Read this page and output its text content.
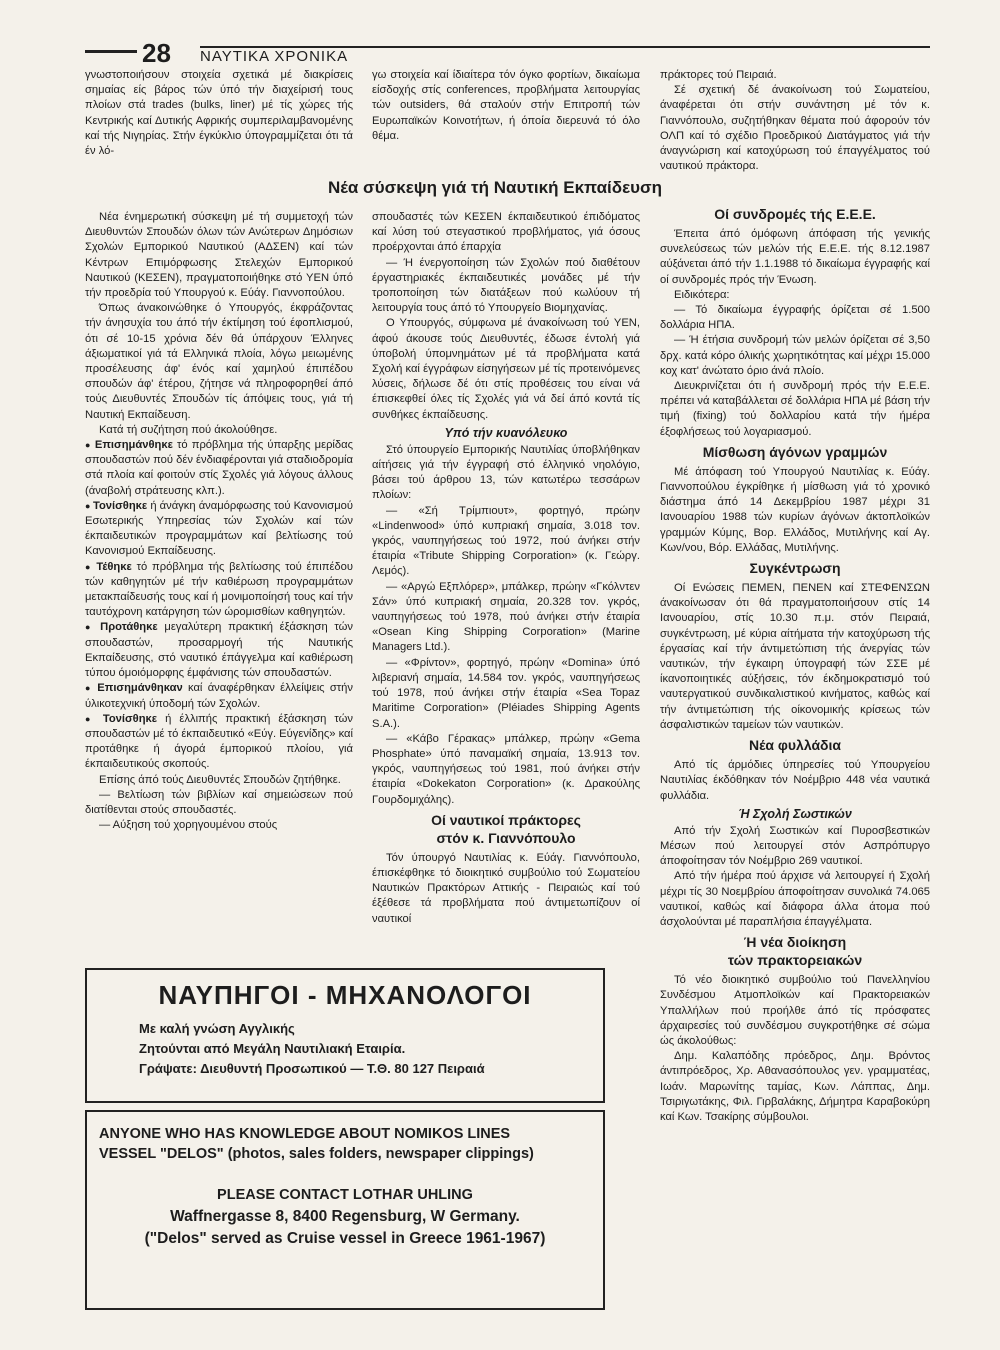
28 ΝΑΥΤΙΚΑ ΧΡΟΝΙΚΑ

γνωστοποιήσουν στοιχεία σχετικά μέ διακρίσεις σημαίας είς βάρος τών ύπό τήν διαχείρισή τους πλοίων στά trades (bulks, liner) μέ τίς χώρες τής Κεντρικής καί Δυτικής Αφρικής συμπεριλαμβανομένης καί τής Νιγηρίας. Στήν έγκύκλιο ύπογραμμίζεται ότι τά έν λό-

γω στοιχεία καί ίδιαίτερα τόν όγκο φορτίων, δικαίωμα είσδοχής στίς conferences, προβλήματα λειτουργίας τών outsiders, θά σταλούν στήν Επιτροπή τών Ευρωπαϊκών Κοινοτήτων, ή όποία διερευνά τό όλο θέμα.

Νέα σύσκεψη γιά τή Ναυτική Εκπαίδευση

Νέα ένημερωτική σύσκεψη μέ τή συμμετοχή τών Διευθυντών Σπουδών όλων τών Ανώτερων Δημόσιων Σχολών Εμπορικού Ναυτικού (ΑΔΣΕΝ) καί τών Κέντρων Επιμόρφωσης Στελεχών Εμπορικού Ναυτικού (ΚΕΣΕΝ), πραγματοποιήθηκε στό ΥΕΝ ύπό τήν προεδρία τού Υπουργού κ. Εύάγ. Γιαννοπούλου.

Όπως άνακοινώθηκε ό Υπουργός, έκφράζοντας τήν άνησυχία του άπό τήν έκτίμηση τού έφοπλισμού, ότι σέ 10-15 χρόνια δέν θά ύπάρχουν Έλληνες άξιωματικοί γιά τά Ελληνικά πλοία, λόγω μειωμένης προσέλευσης άφ' ένός καί χαμηλού έπιπέδου σπουδών άφ' έτέρου, ζήτησε νά πληροφορηθεί άπό τούς Διευθυντές Σπουδών τίς άπόψεις τους, γιά τή Ναυτική Εκπαίδευση.

Κατά τή συζήτηση πού άκολούθησε.

● Επισημάνθηκε τό πρόβλημα τής ύπαρξης μερίδας σπουδαστών πού δέν ένδιαφέρονται γιά σταδιοδρομία στά πλοία καί φοιτούν στίς Σχολές γιά λόγους άλλους (άναβολή στράτευσης κλπ.).

● Τονίσθηκε ή άνάγκη άναμόρφωσης τού Κανονισμού Εσωτερικής Υπηρεσίας τών Σχολών καί τών έκπαιδευτικών προγραμμάτων καί βελτίωσης τού Κανονισμού Εκπαίδευσης.

● Τέθηκε τό πρόβλημα τής βελτίωσης τού έπιπέδου τών καθηγητών μέ τήν καθιέρωση προγραμμάτων μετακπαίδευσής τους καί ή μονιμοποίησή τους καί τήν ταυτόχρονη κατάργηση τών ώρομισθίων καθηγητών.

● Προτάθηκε μεγαλύτερη πρακτική έξάσκηση τών σπουδαστών, προσαρμογή τής Ναυτικής Εκπαίδευσης, στό ναυτικό έπάγγελμα καί καθιέρωση τύπου όμοιόμορφης έμφάνισης τών σπουδαστών.

● Επισημάνθηκαν καί άναφέρθηκαν έλλείψεις στήν ύλικοτεχνική ύποδομή τών Σχολών.

● Τονίσθηκε ή έλλιπής πρακτική έξάσκηση τών σπουδαστών μέ τό έκπαιδευτικό «Εύγ. Εύγενίδης» καί προτάθηκε ή άγορά έμπορικού πλοίου, γιά έκπαιδευτικούς σκοπούς.

Επίσης άπό τούς Διευθυντές Σπουδών ζητήθηκε.

— Βελτίωση τών βιβλίων καί σημειώσεων πού διατίθενται στούς σπουδαστές.

— Αύξηση τού χορηγουμένου στούς

σπουδαστές τών ΚΕΣΕΝ έκπαιδευτικού έπιδόματος καί λύση τού στεγαστικού προβλήματος, γιά όσους προέρχονται άπό έπαρχία

— Ή ένεργοποίηση τών Σχολών πού διαθέτουν έργαστηριακές έκπαιδευτικές μονάδες μέ τήν τροποποίηση τών διατάξεων πού κωλύουν τή λειτουργία τους άπό τό Υπουργείο Βιομηχανίας.

Ο Υπουργός, σύμφωνα μέ άνακοίνωση τού ΥΕΝ, άφού άκουσε τούς Διευθυντές, έδωσε έντολή γιά ύποβολή ύπομνημάτων μέ τά προβλήματα κατά Σχολή καί έγγράφων είσηγήσεων μέ τίς προτεινόμενες λύσεις, δήλωσε δέ ότι στίς προθέσεις του είναι νά έπισκεφθεί όλες τίς Σχολές γιά νά δεί άπό κοντά τίς συνθήκες έκπαίδευσης.

Υπό τήν κυανόλευκο

Στό ύπουργείο Εμπορικής Ναυτιλίας ύποβλήθηκαν αίτήσεις γιά τήν έγγραφή στό έλληνικό νηολόγιο, βάσει τού άρθρου 13, τών κατωτέρω τεσσάρων πλοίων:

— «Σή Τρίμπιουτ», φορτηγό, πρώην «Lindenwood» ύπό κυπριακή σημαία, 3.018 τον. γκρός, ναυπηγήσεως τού 1972, πού άνήκει στήν έταιρία «Tribute Shipping Corporation» (κ. Γεώργ. Λεμός).

— «Αργώ Εξπλόρερ», μπάλκερ, πρώην «Γκόλντεν Σάν» ύπό κυπριακή σημαία, 20.328 τον. γκρός, ναυπηγήσεως τού 1978, πού άνήκει στήν έταιρία «Osean King Shipping Corporation» (Marine Managers Ltd.).

— «Φρίντον», φορτηγό, πρώην «Domina» ύπό λιβεριανή σημαία, 14.584 τον. γκρός, ναυπηγήσεως τού 1978, πού άνήκει στήν έταιρία «Sea Topaz Maritime Corporation» (Pléiades Shipping Agents S.A.).

— «Κάβο Γέρακας» μπάλκερ, πρώην «Gema Phosphate» ύπό παναμαϊκή σημαία, 13.913 τον. γκρός, ναυπηγήσεως τού 1981, πού άνήκει στήν έταιρία «Dokekaton Corporation» (κ. Δρακούλης Γουρδομιχάλης).

Οί ναυτικοί πράκτορες
στόν κ. Γιαννόπουλο

Τόν ύπουργό Ναυτιλίας κ. Εύάγ. Γιαννόπουλο, έπισκέφθηκε τό διοικητικό συμβούλιο τού Σωματείου Ναυτικών Πρακτόρων Αττικής - Πειραιώς καί τού έξέθεσε τά προβλήματα πού άντιμετωπίζουν οί ναυτικοί

πράκτορες τού Πειραιά.

Σέ σχετική δέ άνακοίνωση τού Σωματείου, άναφέρεται ότι στήν συνάντηση μέ τόν κ. Γιαννόπουλο, συζητήθηκαν θέματα πού άφορούν τόν ΟΛΠ καί τό σχέδιο Προεδρικού Διατάγματος γιά τήν άναγνώριση καί κατοχύρωση τού έπαγγέλματος τού ναυτικού πράκτορα.

Οί συνδρομές τής Ε.Ε.Ε.

Έπειτα άπό όμόφωνη άπόφαση τής γενικής συνελεύσεως τών μελών τής Ε.Ε.Ε. τής 8.12.1987 αύξάνεται άπό τήν 1.1.1988 τό δικαίωμα έγγραφής καί οί συνδρομές πρός τήν Ένωση.

Ειδικότερα:

— Τό δικαίωμα έγγραφής όρίζεται σέ 1.500 δολλάρια ΗΠΑ.

— Ή έτήσια συνδρομή τών μελών όρίζεται σέ 3,50 δρχ. κατά κόρο όλικής χωρητικότητας καί μέχρι 15.000 κοχ κατ' άνώτατο όριο άνά πλοίο.

Διευκρινίζεται ότι ή συνδρομή πρός τήν Ε.Ε.Ε. πρέπει νά καταβάλλεται σέ δολλάρια ΗΠΑ μέ βάση τήν τιμή (fixing) τού δολλαρίου κατά τήν ήμέρα έξοφλήσεως τού λογαριασμού.

Μίσθωση άγόνων γραμμών

Μέ άπόφαση τού Υπουργού Ναυτιλίας κ. Εύάγ. Γιαννοπούλου έγκρίθηκε ή μίσθωση γιά τό χρονικό διάστημα άπό 14 Δεκεμβρίου 1987 μέχρι 31 Ιανουαρίου 1988 τών κυρίων άγόνων άκτοπλοϊκών γραμμών Κύμης, Βορ. Ελλάδος, Μυτιλήνης καί Αγ. Κων/νου, Βόρ. Ελλάδας, Μυτιλήνης.

Συγκέντρωση

Οί Ενώσεις ΠΕΜΕΝ, ΠΕΝΕΝ καί ΣΤΕΦΕΝΣΩΝ άνακοίνωσαν ότι θά πραγματοποιήσουν στίς 14 Ιανουαρίου, στίς 10.30 π.μ. στόν Πειραιά, συγκέντρωση, μέ κύρια αίτήματα τήν κατοχύρωση τής έργασίας καί τήν άντιμετώπιση τής άνεργίας τών ναυτικών, τήν έγκαιρη ύπογραφή τών ΣΣΕ μέ ίκανοποιητικές αύξήσεις, τόν έκδημοκρατισμό τού ναυτεργατικού συνδικαλιστικού κινήματος, καθώς καί τήν άντιμετώπιση τής οίκονομικής κρίσεως τών άσφαλιστικών ταμείων τών ναυτικών.

Νέα φυλλάδια

Από τίς άρμόδιες ύπηρεσίες τού Υπουργείου Ναυτιλίας έκδόθηκαν τόν Νοέμβριο 448 νέα ναυτικά φυλλάδια.

Ή Σχολή Σωστικών

Από τήν Σχολή Σωστικών καί Πυροσβεστικών Μέσων πού λειτουργεί στόν Ασπρόπυργο άποφοίτησαν τόν Νοέμβριο 269 ναυτικοί.

Από τήν ήμέρα πού άρχισε νά λειτουργεί ή Σχολή μέχρι τίς 30 Νοεμβρίου άποφοίτησαν συνολικά 74.065 ναυτικοί, καθώς καί διάφορα άλλα άτομα πού άσχολούνται μέ παραπλήσια έπαγγέλματα.

Ή νέα διοίκηση
τών πρακτορειακών

Τό νέο διοικητικό συμβούλιο τού Πανελληνίου Συνδέσμου Ατμοπλοϊκών καί Πρακτορειακών Υπαλλήλων πού προήλθε άπό τίς πρόσφατες άρχαιρεσίες τού συνδέσμου συγκροτήθηκε σέ σώμα ώς άκολούθως:

Δημ. Καλαπόδης πρόεδρος, Δημ. Βρόντος άντιπρόεδρος, Χρ. Αθανασόπουλος γεν. γραμματέας, Ιωάν. Μαρωνίτης ταμίας, Κων. Λάππας, Δημ. Τσιριγωτάκης, Φιλ. Γιρβαλάκης, Δήμητρα Καραβοκύρη καί Κων. Τσακίρης σύμβουλοι.

ΝΑΥΠΗΓΟΙ - ΜΗΧΑΝΟΛΟΓΟΙ
Με καλή γνώση Αγγλικής
Ζητούνται από Μεγάλη Ναυτιλιακή Εταιρία.
Γράψατε: Διευθυντή Προσωπικού — Τ.Θ. 80 127 Πειραιά
ANYONE WHO HAS KNOWLEDGE ABOUT NOMIKOS LINES
VESSEL "DELOS" (photos, sales folders, newspaper clippings)
PLEASE CONTACT LOTHAR UHLING
Waffnergasse 8, 8400 Regensburg, W Germany.
("Delos" served as Cruise vessel in Greece 1961-1967)
